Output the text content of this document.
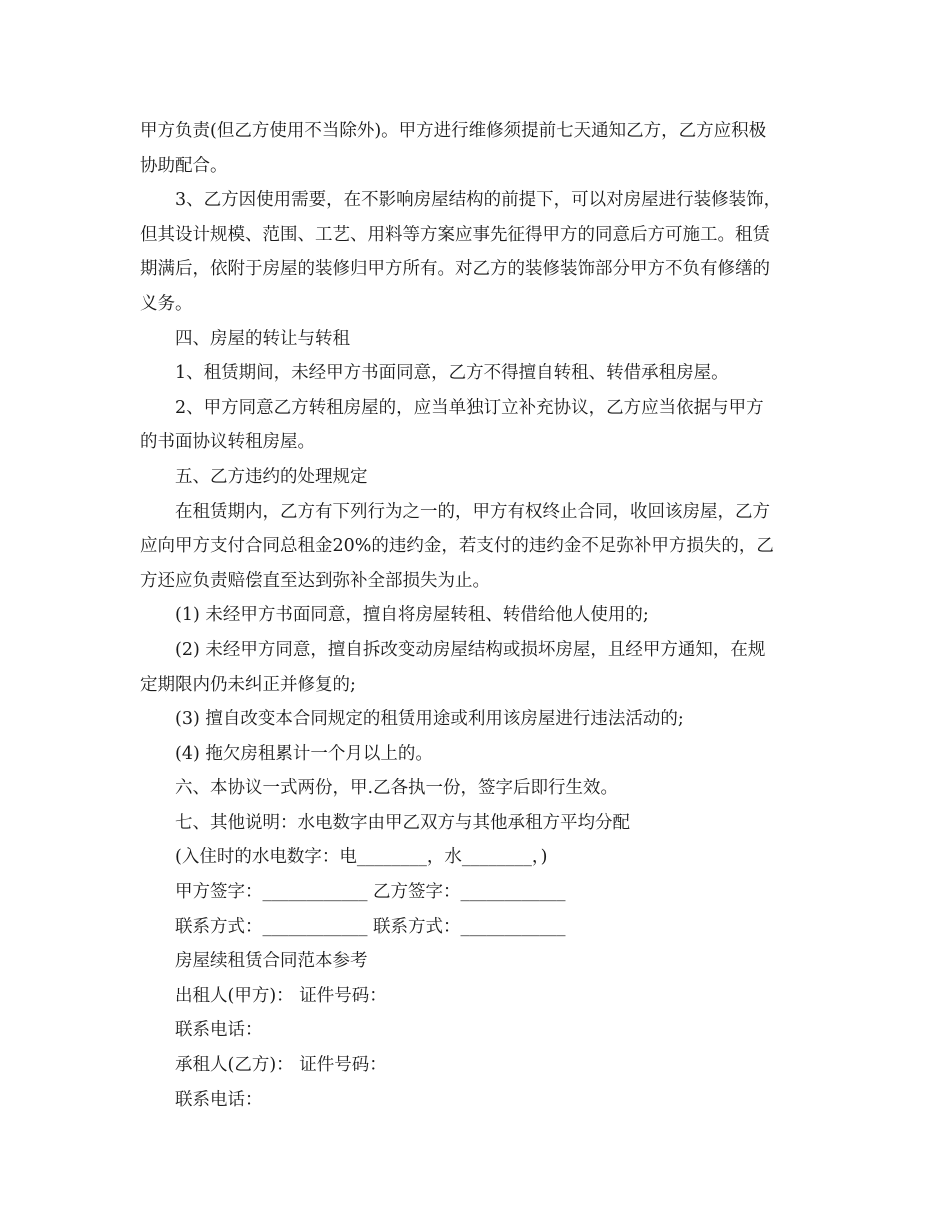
甲方负责(但乙方使用不当除外)。甲方进行维修须提前七天通知乙方，乙方应积极

协助配合。

3、乙方因使用需要，在不影响房屋结构的前提下，可以对房屋进行装修装饰，

但其设计规模、范围、工艺、用料等方案应事先征得甲方的同意后方可施工。租赁

期满后，依附于房屋的装修归甲方所有。对乙方的装修装饰部分甲方不负有修缮的

义务。

四、房屋的转让与转租

1、租赁期间，未经甲方书面同意，乙方不得擅自转租、转借承租房屋。

2、甲方同意乙方转租房屋的，应当单独订立补充协议，乙方应当依据与甲方

的书面协议转租房屋。

五、乙方违约的处理规定

在租赁期内，乙方有下列行为之一的，甲方有权终止合同，收回该房屋，乙方

应向甲方支付合同总租金20%的违约金，若支付的违约金不足弥补甲方损失的，乙

方还应负责赔偿直至达到弥补全部损失为止。

(1) 未经甲方书面同意，擅自将房屋转租、转借给他人使用的;

(2) 未经甲方同意，擅自拆改变动房屋结构或损坏房屋，且经甲方通知，在规

定期限内仍未纠正并修复的;

(3) 擅自改变本合同规定的租赁用途或利用该房屋进行违法活动的;

(4) 拖欠房租累计一个月以上的。

六、本协议一式两份，甲.乙各执一份，签字后即行生效。

七、其他说明：水电数字由甲乙双方与其他承租方平均分配

(入住时的水电数字：电________，水________，)

甲方签字：____________ 乙方签字：____________

联系方式：____________ 联系方式：____________

房屋续租赁合同范本参考

出租人(甲方)： 证件号码：

联系电话：

承租人(乙方)： 证件号码：

联系电话：
